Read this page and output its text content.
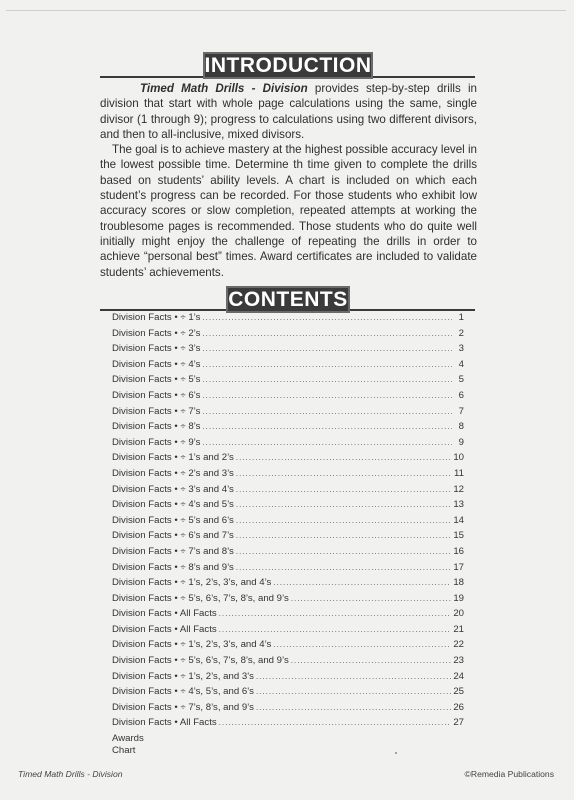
INTRODUCTION

Timed Math Drills - Division provides step-by-step drills in division that start with whole page calculations using the same, single divisor (1 through 9); progress to calculations using two different divisors, and then to all-inclusive, mixed divisors.

The goal is to achieve mastery at the highest possible accuracy level in the lowest possible time. Determine th time given to complete the drills based on students’ ability levels. A chart is included on which each student’s progress can be recorded. For those students who exhibit low accuracy scores or slow completion, repeated attempts at working the troublesome pages is recommended. Those students who do quite well initially might enjoy the challenge of repeating the drills in order to achieve “personal best” times. Award certificates are included to validate students’ achievements.

CONTENTS
Division Facts • ÷ 1’s .....	1
Division Facts • ÷ 2’s .....	2
Division Facts • ÷ 3’s .....	3
Division Facts • ÷ 4’s .....	4
Division Facts • ÷ 5’s .....	5
Division Facts • ÷ 6’s .....	6
Division Facts • ÷ 7’s .....	7
Division Facts • ÷ 8’s .....	8
Division Facts • ÷ 9’s .....	9
Division Facts • ÷ 1’s and 2’s .....	10
Division Facts • ÷ 2’s and 3’s .....	11
Division Facts • ÷ 3’s and 4’s .....	12
Division Facts • ÷ 4’s and 5’s .....	13
Division Facts • ÷ 5’s and 6’s .....	14
Division Facts • ÷ 6’s and 7’s .....	15
Division Facts • ÷ 7’s and 8’s .....	16
Division Facts • ÷ 8’s and 9’s .....	17
Division Facts • ÷ 1’s, 2’s, 3’s, and 4’s .....	18
Division Facts • ÷ 5’s, 6’s, 7’s, 8’s, and 9’s .....	19
Division Facts • All Facts .....	20
Division Facts • All Facts .....	21
Division Facts • ÷ 1’s, 2’s, 3’s, and 4’s .....	22
Division Facts • ÷ 5’s, 6’s, 7’s, 8’s, and 9’s .....	23
Division Facts • ÷ 1’s, 2’s, and 3’s .....	24
Division Facts • ÷ 4’s, 5’s, and 6’s .....	25
Division Facts • ÷ 7’s, 8’s, and 9’s .....	26
Division Facts • All Facts .....	27
Awards
Chart
Timed Math Drills - Division	©Remedia Publications
